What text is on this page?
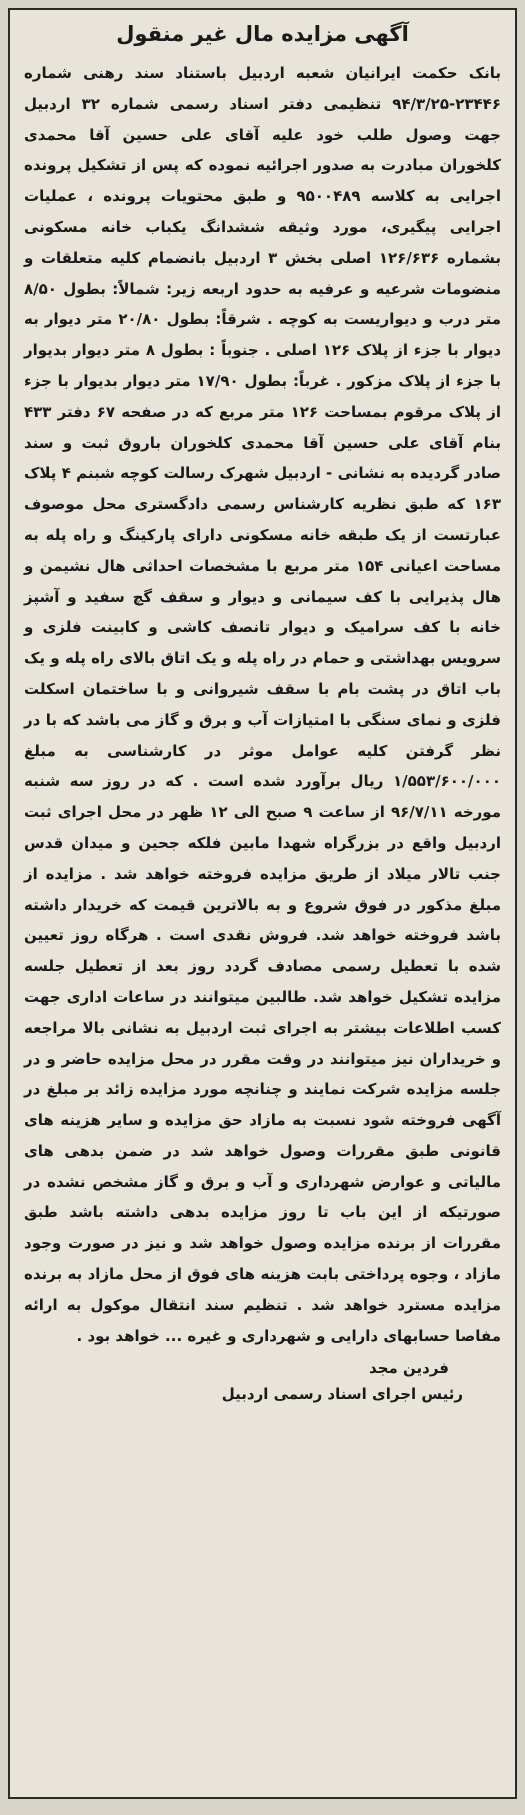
آگهی مزایده مال غیر منقول

بانک حکمت ایرانیان شعبه اردبیل باستناد سند رهنی شماره ۲۳۴۴۶-۹۴/۳/۲۵ تنظیمی دفتر اسناد رسمی شماره ۳۲ اردبیل جهت وصول طلب خود علیه آقای علی حسین آقا محمدی کلخوران مبادرت به صدور اجرائیه نموده که پس از تشکیل پرونده اجرایی به کلاسه ۹۵۰۰۴۸۹ و طبق محتویات پرونده ، عملیات اجرایی پیگیری، مورد وثیقه ششدانگ یکباب خانه مسکونی بشماره ۱۲۶/۶۳۶ اصلی بخش ۳ اردبیل بانضمام کلیه متعلقات و منضومات شرعیه و عرفیه به حدود اربعه زیر: شمالاً: بطول ۸/۵۰ متر درب و دیواریست به کوچه . شرقاً: بطول ۲۰/۸۰ متر دیوار به دیوار با جزء از پلاک ۱۲۶ اصلی . جنوباً : بطول ۸ متر دیوار بدیوار با جزء از پلاک مزکور . غرباً: بطول ۱۷/۹۰ متر دیوار بدیوار با جزء از پلاک مرقوم بمساحت ۱۲۶ متر مربع که در صفحه ۶۷ دفتر ۴۳۳ بنام آقای علی حسین آقا محمدی کلخوران باروق ثبت و سند صادر گردیده به نشانی - اردبیل شهرک رسالت کوچه شبنم ۴ پلاک ۱۶۳ که طبق نظریه کارشناس رسمی دادگستری محل موصوف عبارتست از یک طبقه خانه مسکونی دارای پارکینگ و راه پله به مساحت اعیانی ۱۵۴ متر مربع با مشخصات احداثی هال نشیمن و هال پذیرایی با کف سیمانی و دیوار و سقف گچ سفید و آشپز خانه با کف سرامیک و دیوار تانصف کاشی و کابینت فلزی و سرویس بهداشتی و حمام در راه پله و یک اتاق بالای راه پله و یک باب اتاق در پشت بام با سقف شیروانی و با ساختمان اسکلت فلزی و نمای سنگی با امتیازات آب و برق و گاز می باشد که با در نظر گرفتن کلیه عوامل موثر در کارشناسی به مبلغ ۱/۵۵۳/۶۰۰/۰۰۰ ریال برآورد شده است . که در روز سه شنبه مورخه ۹۶/۷/۱۱ از ساعت ۹ صبح الی ۱۲ ظهر در محل اجرای ثبت اردبیل واقع در بزرگراه شهدا مابین فلکه جحین و میدان قدس جنب تالار میلاد از طریق مزایده فروخته خواهد شد . مزایده از مبلغ مذکور در فوق شروع و به بالاترین قیمت که خریدار داشته باشد فروخته خواهد شد. فروش نقدی است . هرگاه روز تعیین شده با تعطیل رسمی مصادف گردد روز بعد از تعطیل جلسه مزایده تشکیل خواهد شد. طالبین میتوانند در ساعات اداری جهت کسب اطلاعات بیشتر به اجرای ثبت اردبیل به نشانی بالا مراجعه و خریداران نیز میتوانند در وقت مقرر در محل مزایده حاضر و در جلسه مزایده شرکت نمایند و چنانچه مورد مزایده زائد بر مبلغ در آگهی فروخته شود نسبت به مازاد حق مزایده و سایر هزینه های قانونی طبق مقررات وصول خواهد شد در ضمن بدهی های مالیاتی و عوارض شهرداری و آب و برق و گاز مشخص نشده در صورتیکه از این باب تا روز مزایده بدهی داشته باشد طبق مقررات از برنده مزایده وصول خواهد شد و نیز در صورت وجود مازاد ، وجوه پرداختی بابت هزینه های فوق از محل مازاد به برنده مزایده مسترد خواهد شد . تنظیم سند انتقال موکول به ارائه مفاصا حسابهای دارایی و شهرداری و غیره ... خواهد بود .

فردین مجد
رئیس اجرای اسناد رسمی اردبیل
